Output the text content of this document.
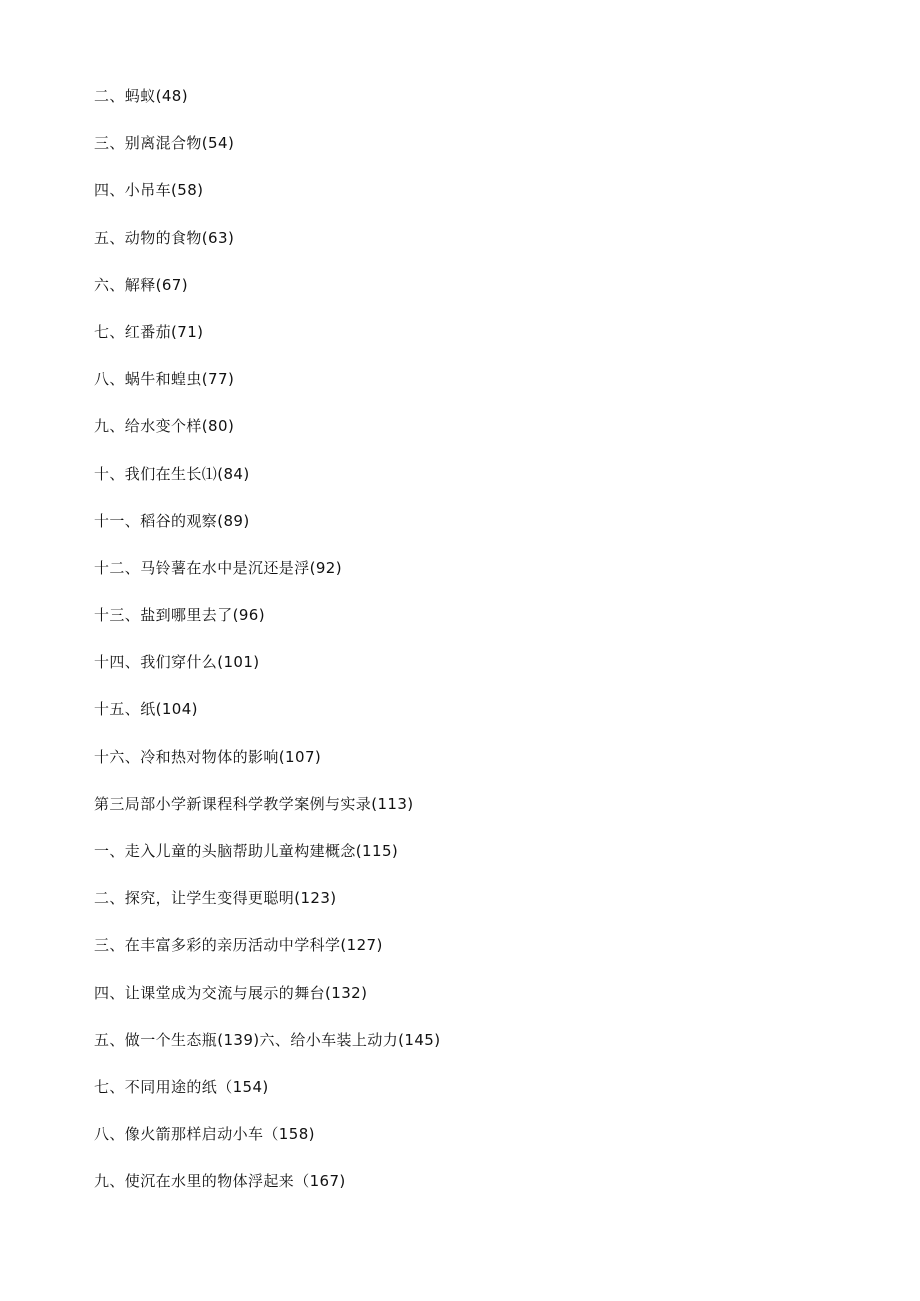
二、蚂蚁(48)
三、别离混合物(54)
四、小吊车(58)
五、动物的食物(63)
六、解释(67)
七、红番茄(71)
八、蜗牛和蝗虫(77)
九、给水变个样(80)
十、我们在生长⑴(84)
十一、稻谷的观察(89)
十二、马铃薯在水中是沉还是浮(92)
十三、盐到哪里去了(96)
十四、我们穿什么(101)
十五、纸(104)
十六、冷和热对物体的影响(107)
第三局部小学新课程科学教学案例与实录(113)
一、走入儿童的头脑帮助儿童构建概念(115)
二、探究，让学生变得更聪明(123)
三、在丰富多彩的亲历活动中学科学(127)
四、让课堂成为交流与展示的舞台(132)
五、做一个生态瓶(139)六、给小车装上动力(145)
七、不同用途的纸（154)
八、像火箭那样启动小车（158)
九、使沉在水里的物体浮起来（167)
